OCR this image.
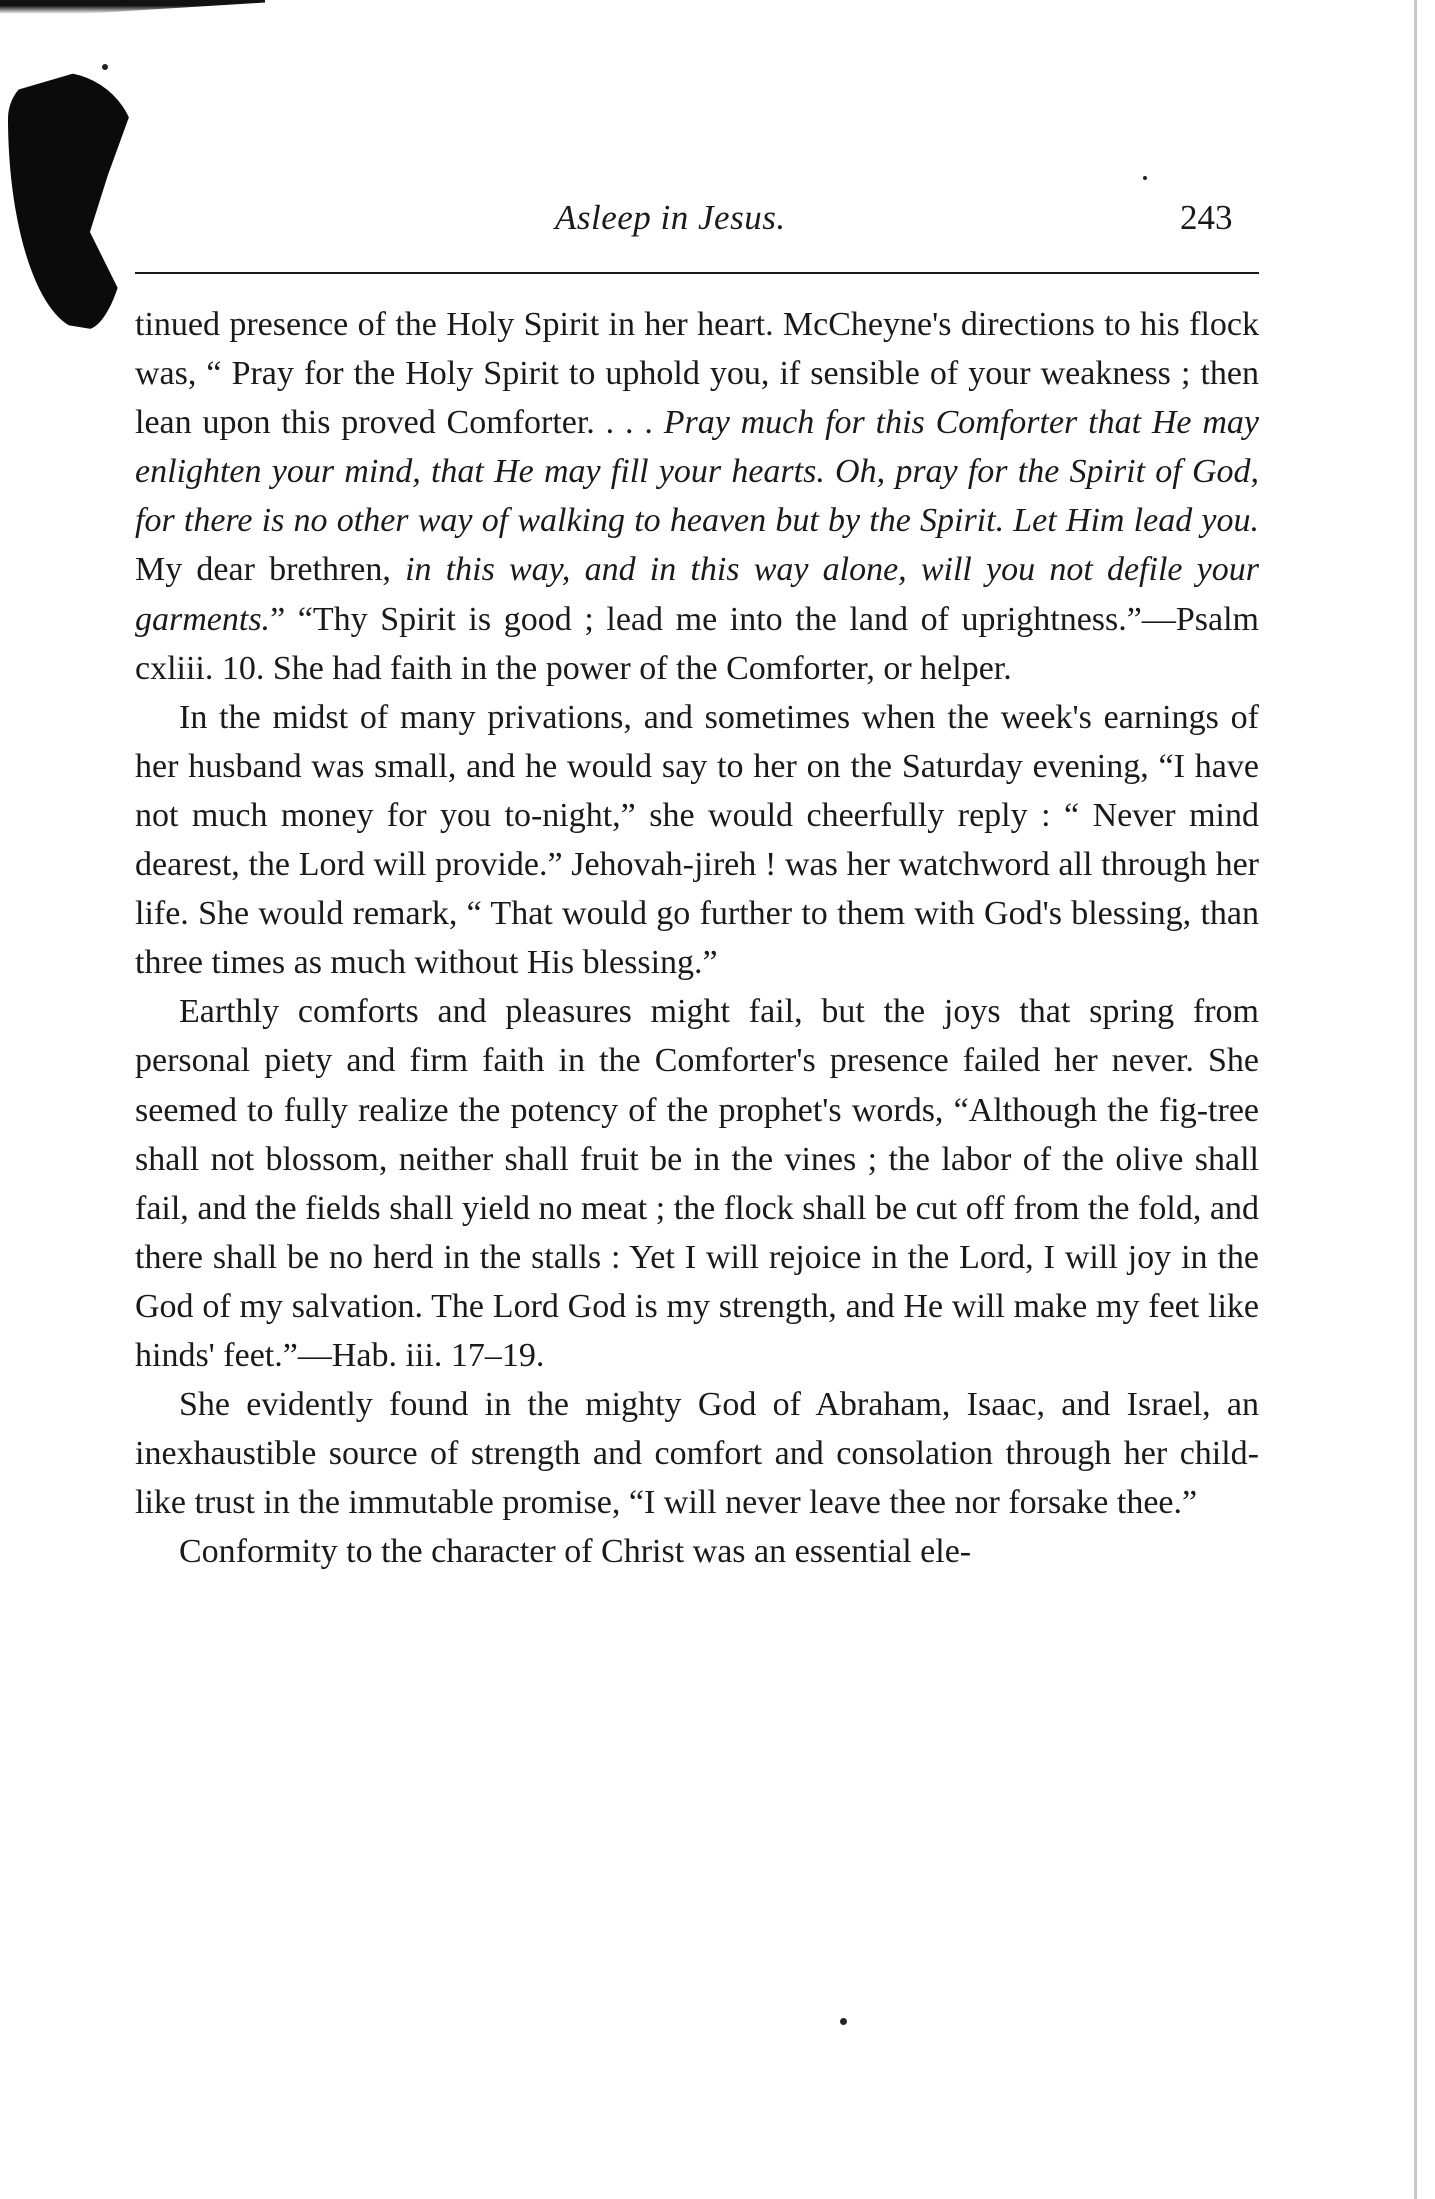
Asleep in Jesus.	243

tinued presence of the Holy Spirit in her heart. McCheyne's directions to his flock was, “ Pray for the Holy Spirit to uphold you, if sensible of your weakness ; then lean upon this proved Comforter. . . . Pray much for this Comforter that He may enlighten your mind, that He may fill your hearts. Oh, pray for the Spirit of God, for there is no other way of walking to heaven but by the Spirit. Let Him lead you. My dear brethren, in this way, and in this way alone, will you not defile your garments.” “Thy Spirit is good ; lead me into the land of uprightness.”—Psalm cxliii. 10. She had faith in the power of the Comforter, or helper.

In the midst of many privations, and sometimes when the week's earnings of her husband was small, and he would say to her on the Saturday evening, “I have not much money for you to-night,” she would cheerfully reply : “ Never mind dearest, the Lord will provide.” Jehovah-jireh ! was her watchword all through her life. She would remark, “ That would go further to them with God's blessing, than three times as much without His blessing.”

Earthly comforts and pleasures might fail, but the joys that spring from personal piety and firm faith in the Comforter's presence failed her never. She seemed to fully realize the potency of the prophet's words, “Although the fig-tree shall not blossom, neither shall fruit be in the vines ; the labor of the olive shall fail, and the fields shall yield no meat ; the flock shall be cut off from the fold, and there shall be no herd in the stalls : Yet I will rejoice in the Lord, I will joy in the God of my salvation. The Lord God is my strength, and He will make my feet like hinds' feet.”—Hab. iii. 17–19.

She evidently found in the mighty God of Abraham, Isaac, and Israel, an inexhaustible source of strength and comfort and consolation through her child-like trust in the immutable promise, “I will never leave thee nor forsake thee.”

Conformity to the character of Christ was an essential ele-
